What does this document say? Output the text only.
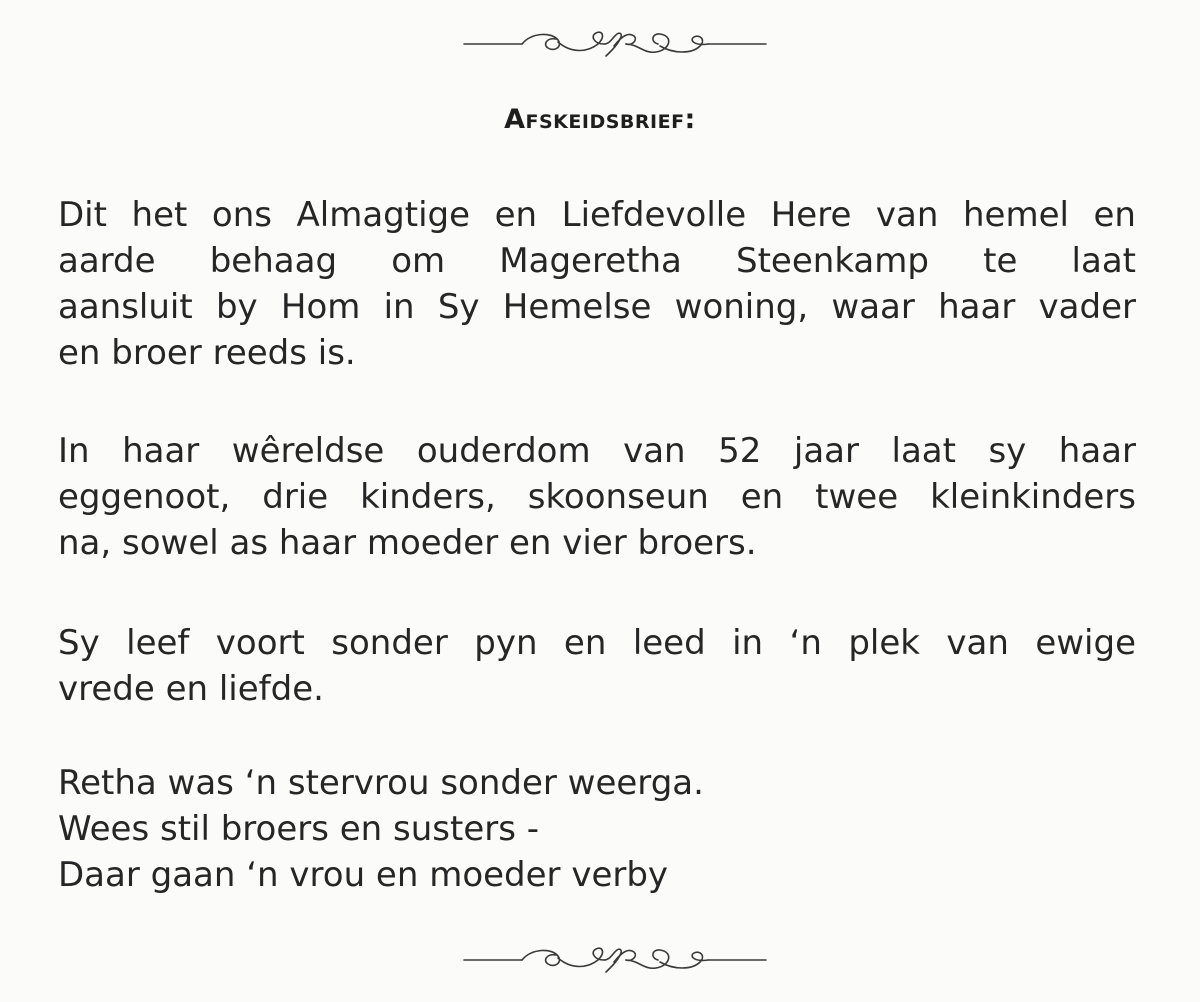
Afskeidsbrief:
Dit het ons Almagtige en Liefdevolle Here van hemel en
aarde behaag om Mageretha Steenkamp te laat
aansluit by Hom in Sy Hemelse woning, waar haar vader
en broer reeds is.
In haar wêreldse ouderdom van 52 jaar laat sy haar
eggenoot, drie kinders, skoonseun en twee kleinkinders
na, sowel as haar moeder en vier broers.
Sy leef voort sonder pyn en leed in ‘n plek van ewige
vrede en liefde.
Retha was ‘n stervrou sonder weerga.
Wees stil broers en susters -
Daar gaan ‘n vrou en moeder verby
